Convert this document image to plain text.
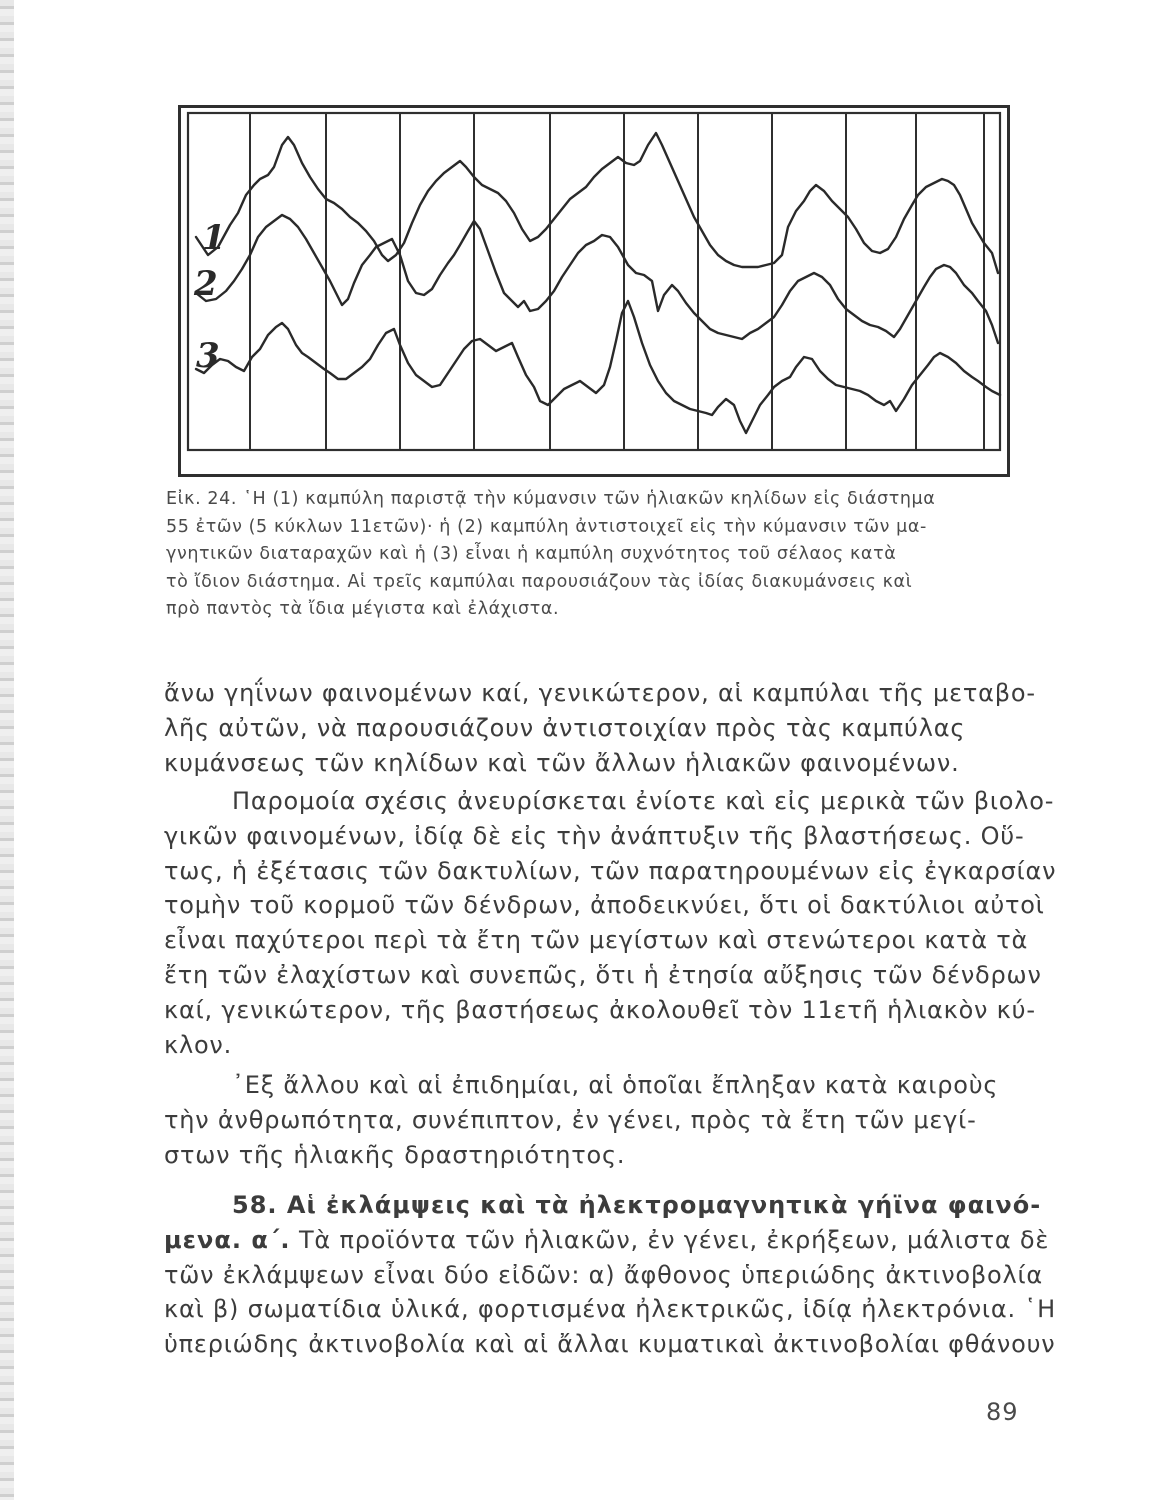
1
2
3
Εἰκ. 24. ῾Η (1) καμπύλη παριστᾷ τὴν κύμανσιν τῶν ἡλιακῶν κηλίδων εἰς διάστημα
55 ἐτῶν (5 κύκλων 11ετῶν)· ἡ (2) καμπύλη ἀντιστοιχεῖ εἰς τὴν κύμανσιν τῶν μα-
γνητικῶν διαταραχῶν καὶ ἡ (3) εἶναι ἡ καμπύλη συχνότητος τοῦ σέλαος κατὰ
τὸ ἴδιον διάστημα. Αἱ τρεῖς καμπύλαι παρουσιάζουν τὰς ἰδίας διακυμάνσεις καὶ
πρὸ παντὸς τὰ ἴδια μέγιστα καὶ ἐλάχιστα.
ἄνω γηΐνων φαινομένων καί, γενικώτερον, αἱ καμπύλαι τῆς μεταβο-
λῆς αὐτῶν, νὰ παρουσιάζουν ἀντιστοιχίαν πρὸς τὰς καμπύλας
κυμάνσεως τῶν κηλίδων καὶ τῶν ἄλλων ἡλιακῶν φαινομένων.
Παρομοία σχέσις ἀνευρίσκεται ἐνίοτε καὶ εἰς μερικὰ τῶν βιολο-
γικῶν φαινομένων, ἰδίᾳ δὲ εἰς τὴν ἀνάπτυξιν τῆς βλαστήσεως. Οὕ-
τως, ἡ ἐξέτασις τῶν δακτυλίων, τῶν παρατηρουμένων εἰς ἐγκαρσίαν
τομὴν τοῦ κορμοῦ τῶν δένδρων, ἀποδεικνύει, ὅτι οἱ δακτύλιοι αὐτοὶ
εἶναι παχύτεροι περὶ τὰ ἔτη τῶν μεγίστων καὶ στενώτεροι κατὰ τὰ
ἔτη τῶν ἐλαχίστων καὶ συνεπῶς, ὅτι ἡ ἐτησία αὔξησις τῶν δένδρων
καί, γενικώτερον, τῆς βαστήσεως ἀκολουθεῖ τὸν 11ετῆ ἡλιακὸν κύ-
κλον.
᾿Εξ ἄλλου καὶ αἱ ἐπιδημίαι, αἱ ὁποῖαι ἔπληξαν κατὰ καιροὺς
τὴν ἀνθρωπότητα, συνέπιπτον, ἐν γένει, πρὸς τὰ ἔτη τῶν μεγί-
στων τῆς ἡλιακῆς δραστηριότητος.
58. Αἱ ἐκλάμψεις καὶ τὰ ἠλεκτρομαγνητικὰ γήϊνα φαινό-
μενα. α΄. Τὰ προϊόντα τῶν ἡλιακῶν, ἐν γένει, ἐκρήξεων, μάλιστα δὲ
τῶν ἐκλάμψεων εἶναι δύο εἰδῶν: α) ἄφθονος ὑπεριώδης ἀκτινοβολία
καὶ β) σωματίδια ὑλικά, φορτισμένα ἠλεκτρικῶς, ἰδίᾳ ἠλεκτρόνια. ῾Η
ὑπεριώδης ἀκτινοβολία καὶ αἱ ἄλλαι κυματικαὶ ἀκτινοβολίαι φθάνουν
89
